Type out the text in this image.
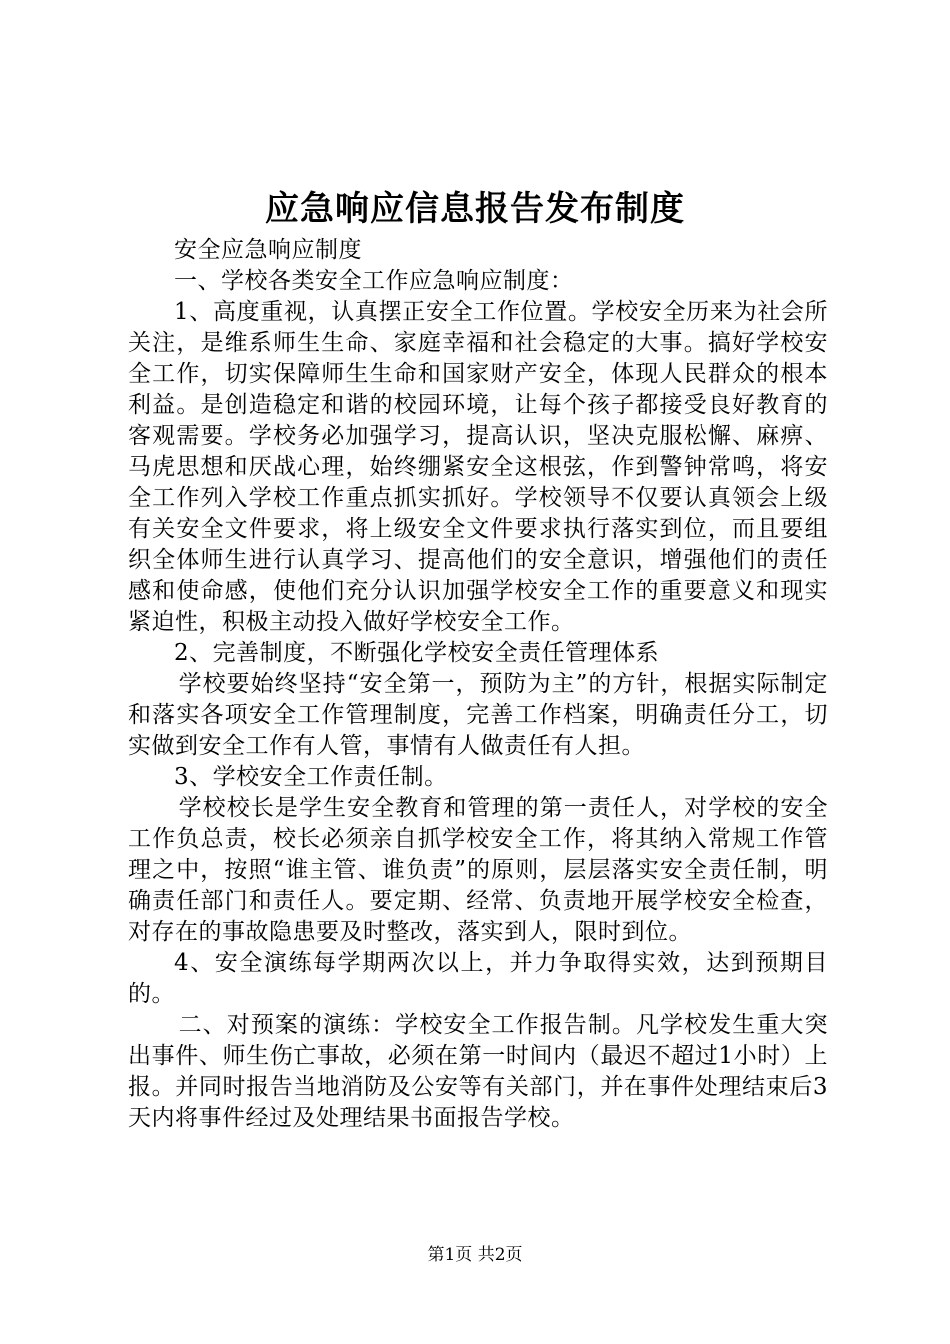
应急响应信息报告发布制度

安全应急响应制度

一、学校各类安全工作应急响应制度：

1、高度重视，认真摆正安全工作位置。学校安全历来为社会所关注，是维系师生生命、家庭幸福和社会稳定的大事。搞好学校安全工作，切实保障师生生命和国家财产安全，体现人民群众的根本利益。是创造稳定和谐的校园环境，让每个孩子都接受良好教育的客观需要。学校务必加强学习，提高认识，坚决克服松懈、麻痹、马虎思想和厌战心理，始终绷紧安全这根弦，作到警钟常鸣，将安全工作列入学校工作重点抓实抓好。学校领导不仅要认真领会上级有关安全文件要求，将上级安全文件要求执行落实到位，而且要组织全体师生进行认真学习、提高他们的安全意识，增强他们的责任感和使命感，使他们充分认识加强学校安全工作的重要意义和现实紧迫性，积极主动投入做好学校安全工作。

2、完善制度，不断强化学校安全责任管理体系

学校要始终坚持“安全第一，预防为主”的方针，根据实际制定和落实各项安全工作管理制度，完善工作档案，明确责任分工，切实做到安全工作有人管，事情有人做责任有人担。

3、学校安全工作责任制。

学校校长是学生安全教育和管理的第一责任人，对学校的安全工作负总责，校长必须亲自抓学校安全工作，将其纳入常规工作管理之中，按照“谁主管、谁负责”的原则，层层落实安全责任制，明确责任部门和责任人。要定期、经常、负责地开展学校安全检查，对存在的事故隐患要及时整改，落实到人，限时到位。

4、安全演练每学期两次以上，并力争取得实效，达到预期目的。

二、对预案的演练：学校安全工作报告制。凡学校发生重大突出事件、师生伤亡事故，必须在第一时间内（最迟不超过1小时）上报。并同时报告当地消防及公安等有关部门，并在事件处理结束后3天内将事件经过及处理结果书面报告学校。

第1页 共2页
